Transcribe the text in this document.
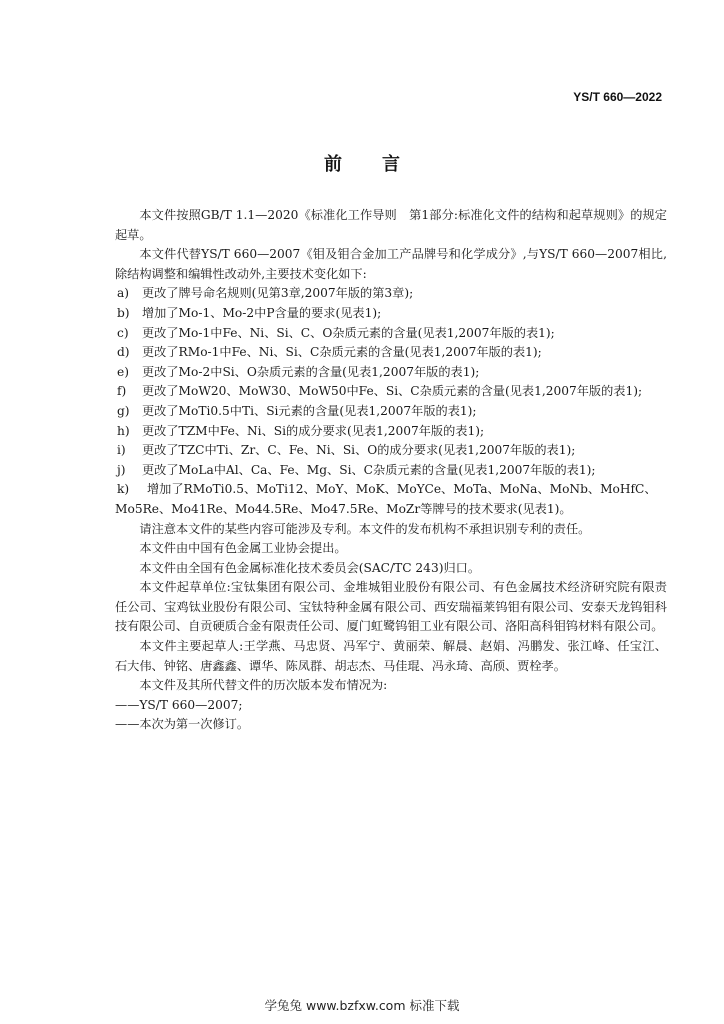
YS/T 660—2022
前言

本文件按照GB/T 1.1—2020《标准化工作导则　第1部分:标准化文件的结构和起草规则》的规定起草。

本文件代替YS/T 660—2007《钼及钼合金加工产品牌号和化学成分》,与YS/T 660—2007相比,除结构调整和编辑性改动外,主要技术变化如下:

a)	更改了牌号命名规则(见第3章,2007年版的第3章);
b)	增加了Mo-1、Mo-2中P含量的要求(见表1);
c)	更改了Mo-1中Fe、Ni、Si、C、O杂质元素的含量(见表1,2007年版的表1);
d)	更改了RMo-1中Fe、Ni、Si、C杂质元素的含量(见表1,2007年版的表1);
e)	更改了Mo-2中Si、O杂质元素的含量(见表1,2007年版的表1);
f)	更改了MoW20、MoW30、MoW50中Fe、Si、C杂质元素的含量(见表1,2007年版的表1);
g)	更改了MoTi0.5中Ti、Si元素的含量(见表1,2007年版的表1);
h)	更改了TZM中Fe、Ni、Si的成分要求(见表1,2007年版的表1);
i)	更改了TZC中Ti、Zr、C、Fe、Ni、Si、O的成分要求(见表1,2007年版的表1);
j)	更改了MoLa中Al、Ca、Fe、Mg、Si、C杂质元素的含量(见表1,2007年版的表1);
k) 增加了RMoTi0.5、MoTi12、MoY、MoK、MoYCe、MoTa、MoNa、MoNb、MoHfC、Mo5Re、Mo41Re、Mo44.5Re、Mo47.5Re、MoZr等牌号的技术要求(见表1)。

请注意本文件的某些内容可能涉及专利。本文件的发布机构不承担识别专利的责任。

本文件由中国有色金属工业协会提出。

本文件由全国有色金属标准化技术委员会(SAC/TC 243)归口。

本文件起草单位:宝钛集团有限公司、金堆城钼业股份有限公司、有色金属技术经济研究院有限责任公司、宝鸡钛业股份有限公司、宝钛特种金属有限公司、西安瑞福莱钨钼有限公司、安泰天龙钨钼科技有限公司、自贡硬质合金有限责任公司、厦门虹鹭钨钼工业有限公司、洛阳高科钼钨材料有限公司。

本文件主要起草人:王学燕、马忠贤、冯军宁、黄丽荣、解晨、赵娟、冯鹏发、张江峰、任宝江、石大伟、钟铭、唐鑫鑫、谭华、陈凤群、胡志杰、马佳琨、冯永琦、高颀、贾栓孝。

本文件及其所代替文件的历次版本发布情况为:

——YS/T 660—2007;

——本次为第一次修订。

学兔兔 www.bzfxw.com 标准下载
